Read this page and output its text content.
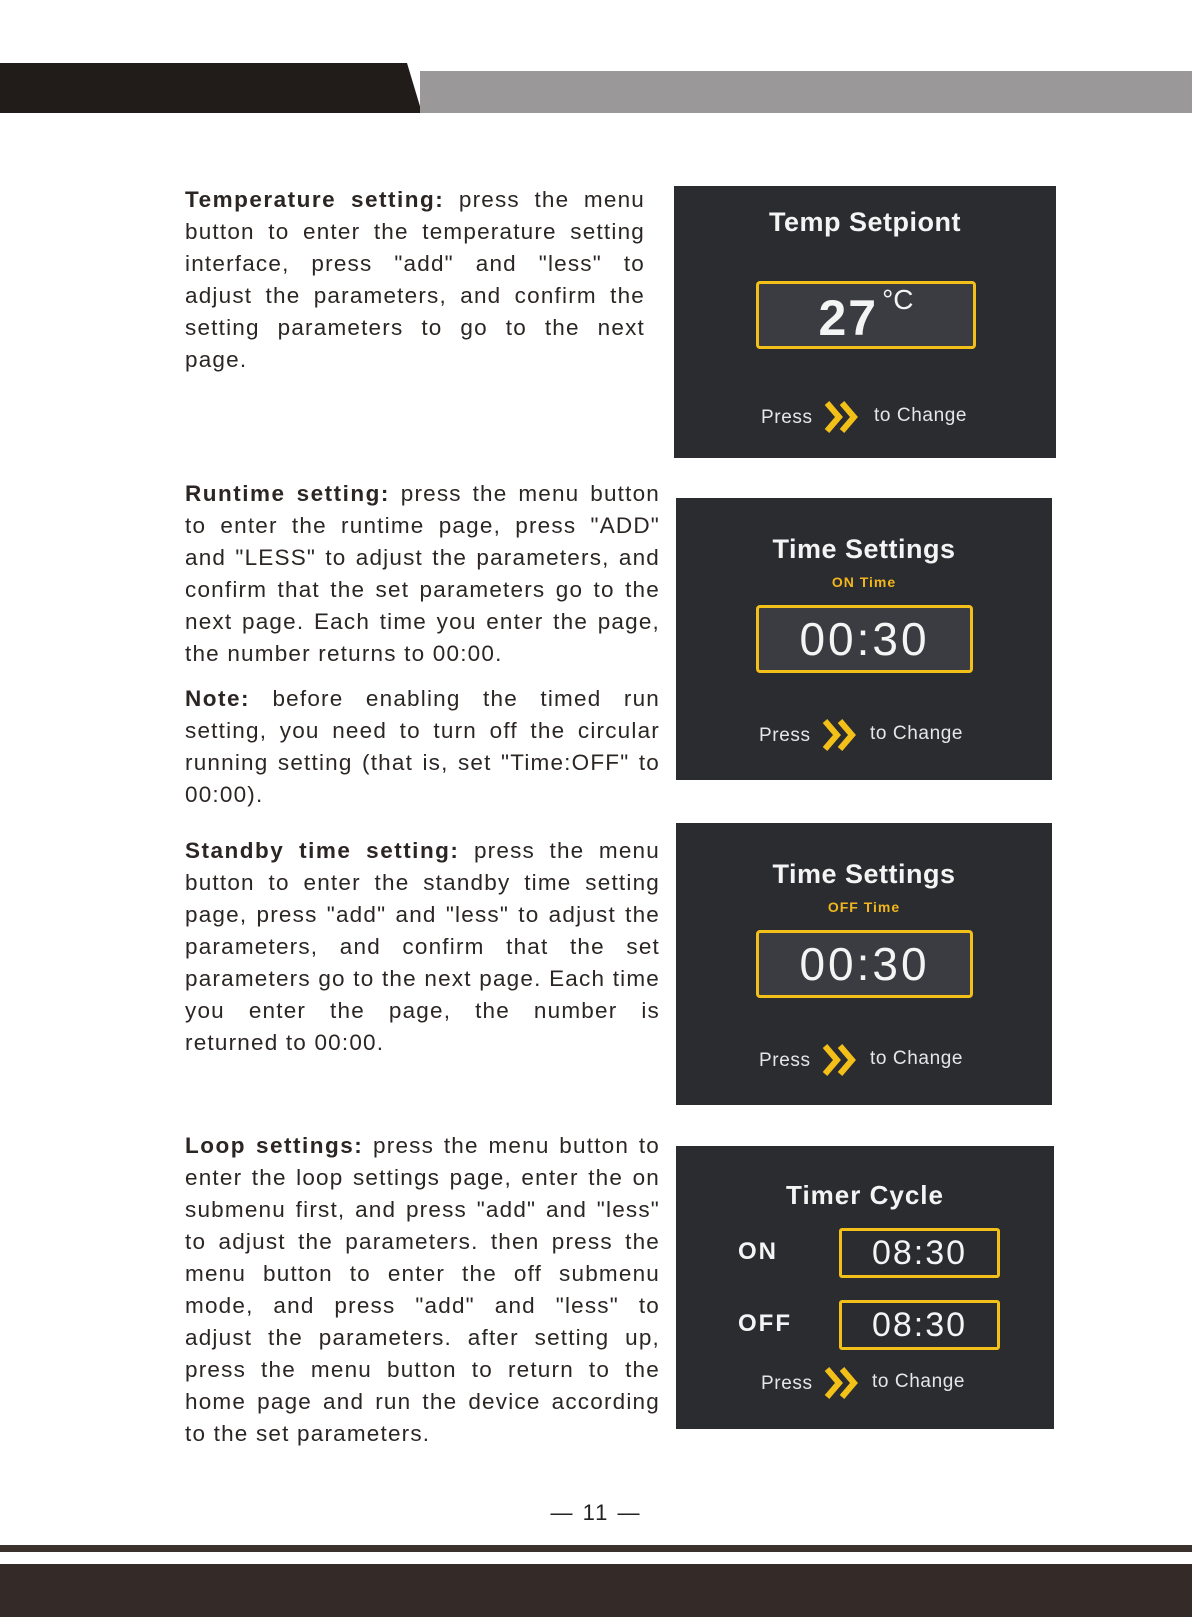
Temperature setting: press the menu button to enter the temperature setting interface, press "add" and "less" to adjust the parameters, and confirm the setting parameters to go to the next page.

Runtime setting: press the menu button to enter the runtime page, press "ADD" and "LESS" to adjust the parameters, and confirm that the set parameters go to the next page. Each time you enter the page, the number returns to 00:00.

Note: before enabling the timed run setting, you need to turn off the circular running setting (that is, set "Time:OFF" to 00:00).

Standby time setting: press the menu button to enter the standby time setting page, press "add" and "less" to adjust the parameters, and confirm that the set parameters go to the next page. Each time you enter the page, the number is returned to 00:00.

Loop settings: press the menu button to enter the loop settings page, enter the on submenu first, and press "add" and "less" to adjust the parameters. then press the menu button to enter the off submenu mode, and press "add" and "less" to adjust the parameters. after setting up, press the menu button to return to the home page and run the device according to the set parameters.

Temp Setpiont
27 °C
Press	to Change
Time Settings
ON Time
00:30
Press	to Change
Time Settings
OFF Time
00:30
Press	to Change
Timer Cycle
ON	08:30
OFF	08:30
Press	to Change
— 11 —
